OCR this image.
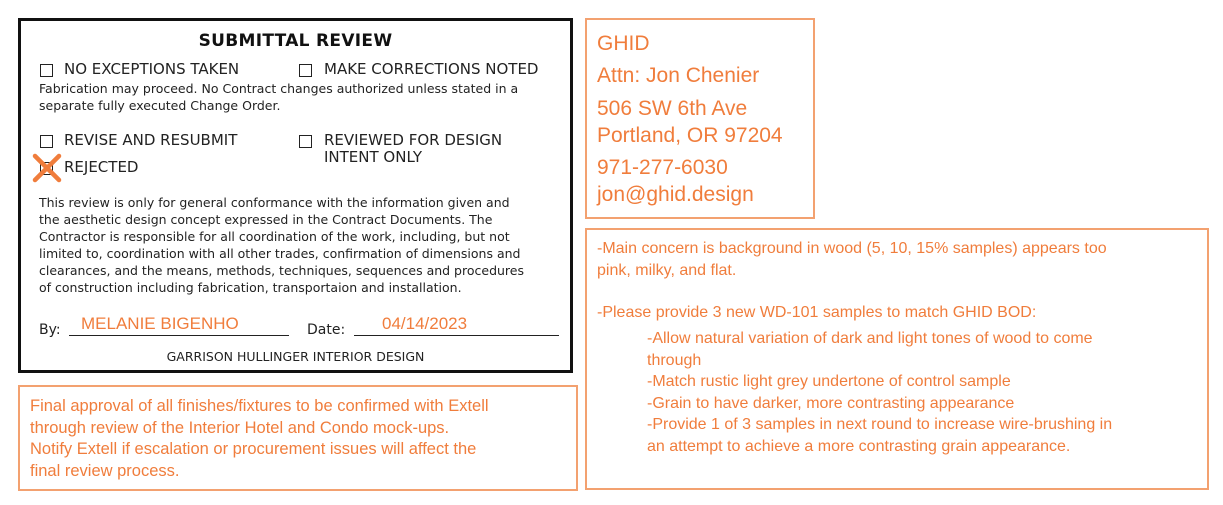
SUBMITTAL REVIEW
NO EXCEPTIONS TAKEN	MAKE CORRECTIONS NOTED
Fabrication may proceed. No Contract changes authorized unless stated in a
separate fully executed Change Order.
REVISE AND RESUBMIT	REVIEWED FOR DESIGN
INTENT ONLY
REJECTED
This review is only for general conformance with the information given and
the aesthetic design concept expressed in the Contract Documents. The
Contractor is responsible for all coordination of the work, including, but not
limited to, coordination with all other trades, confirmation of dimensions and
clearances, and the means, methods, techniques, sequences and procedures
of construction including fabrication, transportaion and installation.
By: MELANIE BIGENHO	Date: 04/14/2023
GARRISON HULLINGER INTERIOR DESIGN
GHID
Attn: Jon Chenier
506 SW 6th Ave
Portland, OR 97204
971-277-6030
jon@ghid.design
Final approval of all finishes/fixtures to be confirmed with Extell
through review of the Interior Hotel and Condo mock-ups.
Notify Extell if escalation or procurement issues will affect the
final review process.
-Main concern is background in wood (5, 10, 15% samples) appears too
pink, milky, and flat.
-Please provide 3 new WD-101 samples to match GHID BOD:
-Allow natural variation of dark and light tones of wood to come
through
-Match rustic light grey undertone of control sample
-Grain to have darker, more contrasting appearance
-Provide 1 of 3 samples in next round to increase wire-brushing in
an attempt to achieve a more contrasting grain appearance.
